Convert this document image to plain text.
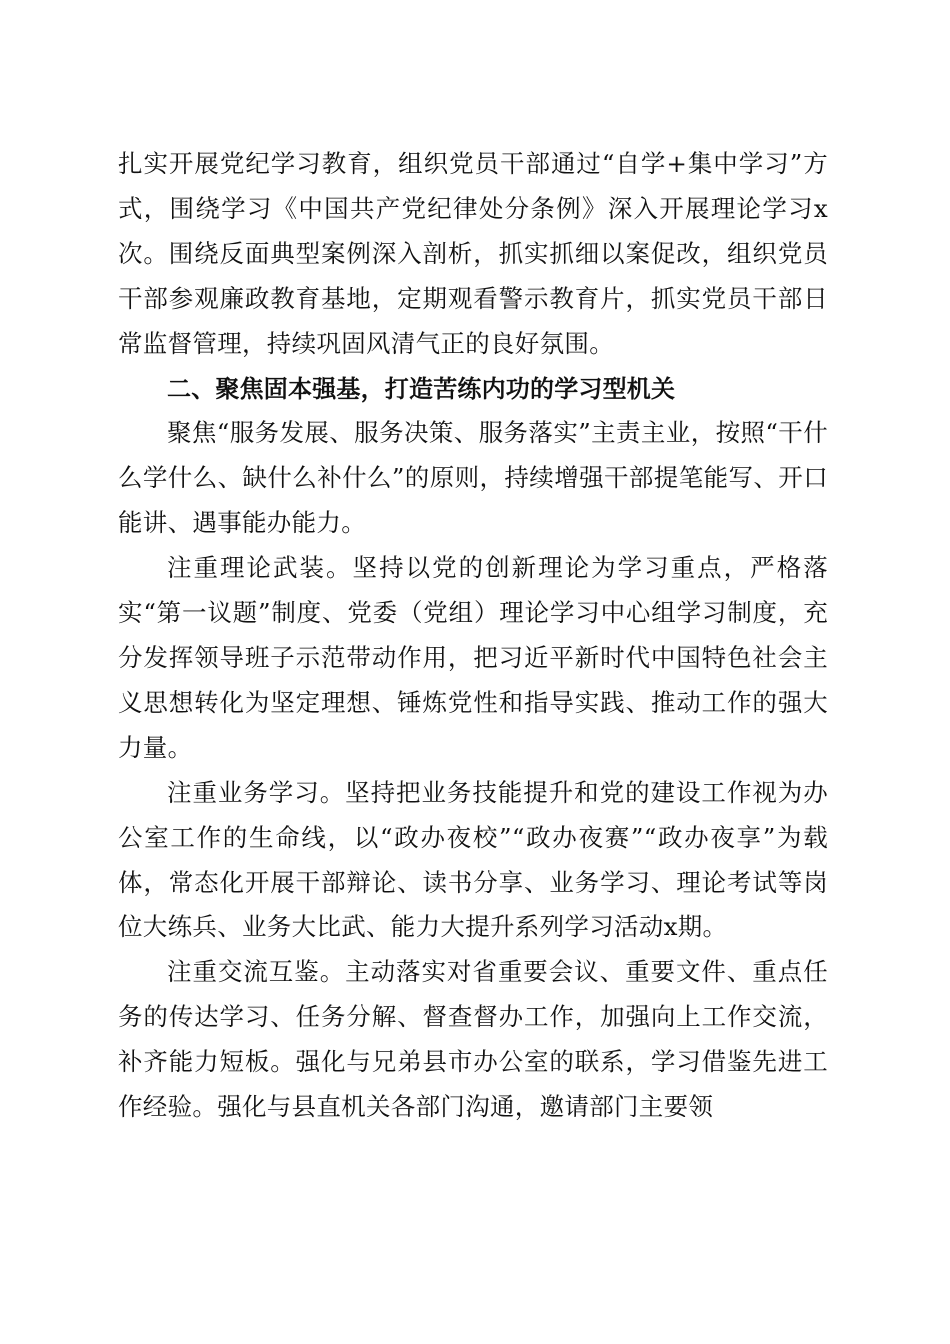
扎实开展党纪学习教育，组织党员干部通过“自学+集中学习”方式，围绕学习《中国共产党纪律处分条例》深入开展理论学习x次。围绕反面典型案例深入剖析，抓实抓细以案促改，组织党员干部参观廉政教育基地，定期观看警示教育片，抓实党员干部日常监督管理，持续巩固风清气正的良好氛围。

二、聚焦固本强基，打造苦练内功的学习型机关

聚焦“服务发展、服务决策、服务落实”主责主业，按照“干什么学什么、缺什么补什么”的原则，持续增强干部提笔能写、开口能讲、遇事能办能力。

注重理论武装。坚持以党的创新理论为学习重点，严格落实“第一议题”制度、党委（党组）理论学习中心组学习制度，充分发挥领导班子示范带动作用，把习近平新时代中国特色社会主义思想转化为坚定理想、锤炼党性和指导实践、推动工作的强大力量。

注重业务学习。坚持把业务技能提升和党的建设工作视为办公室工作的生命线，以“政办夜校”“政办夜赛”“政办夜享”为载体，常态化开展干部辩论、读书分享、业务学习、理论考试等岗位大练兵、业务大比武、能力大提升系列学习活动x期。

注重交流互鉴。主动落实对省重要会议、重要文件、重点任务的传达学习、任务分解、督查督办工作，加强向上工作交流，补齐能力短板。强化与兄弟县市办公室的联系，学习借鉴先进工作经验。强化与县直机关各部门沟通，邀请部门主要领
